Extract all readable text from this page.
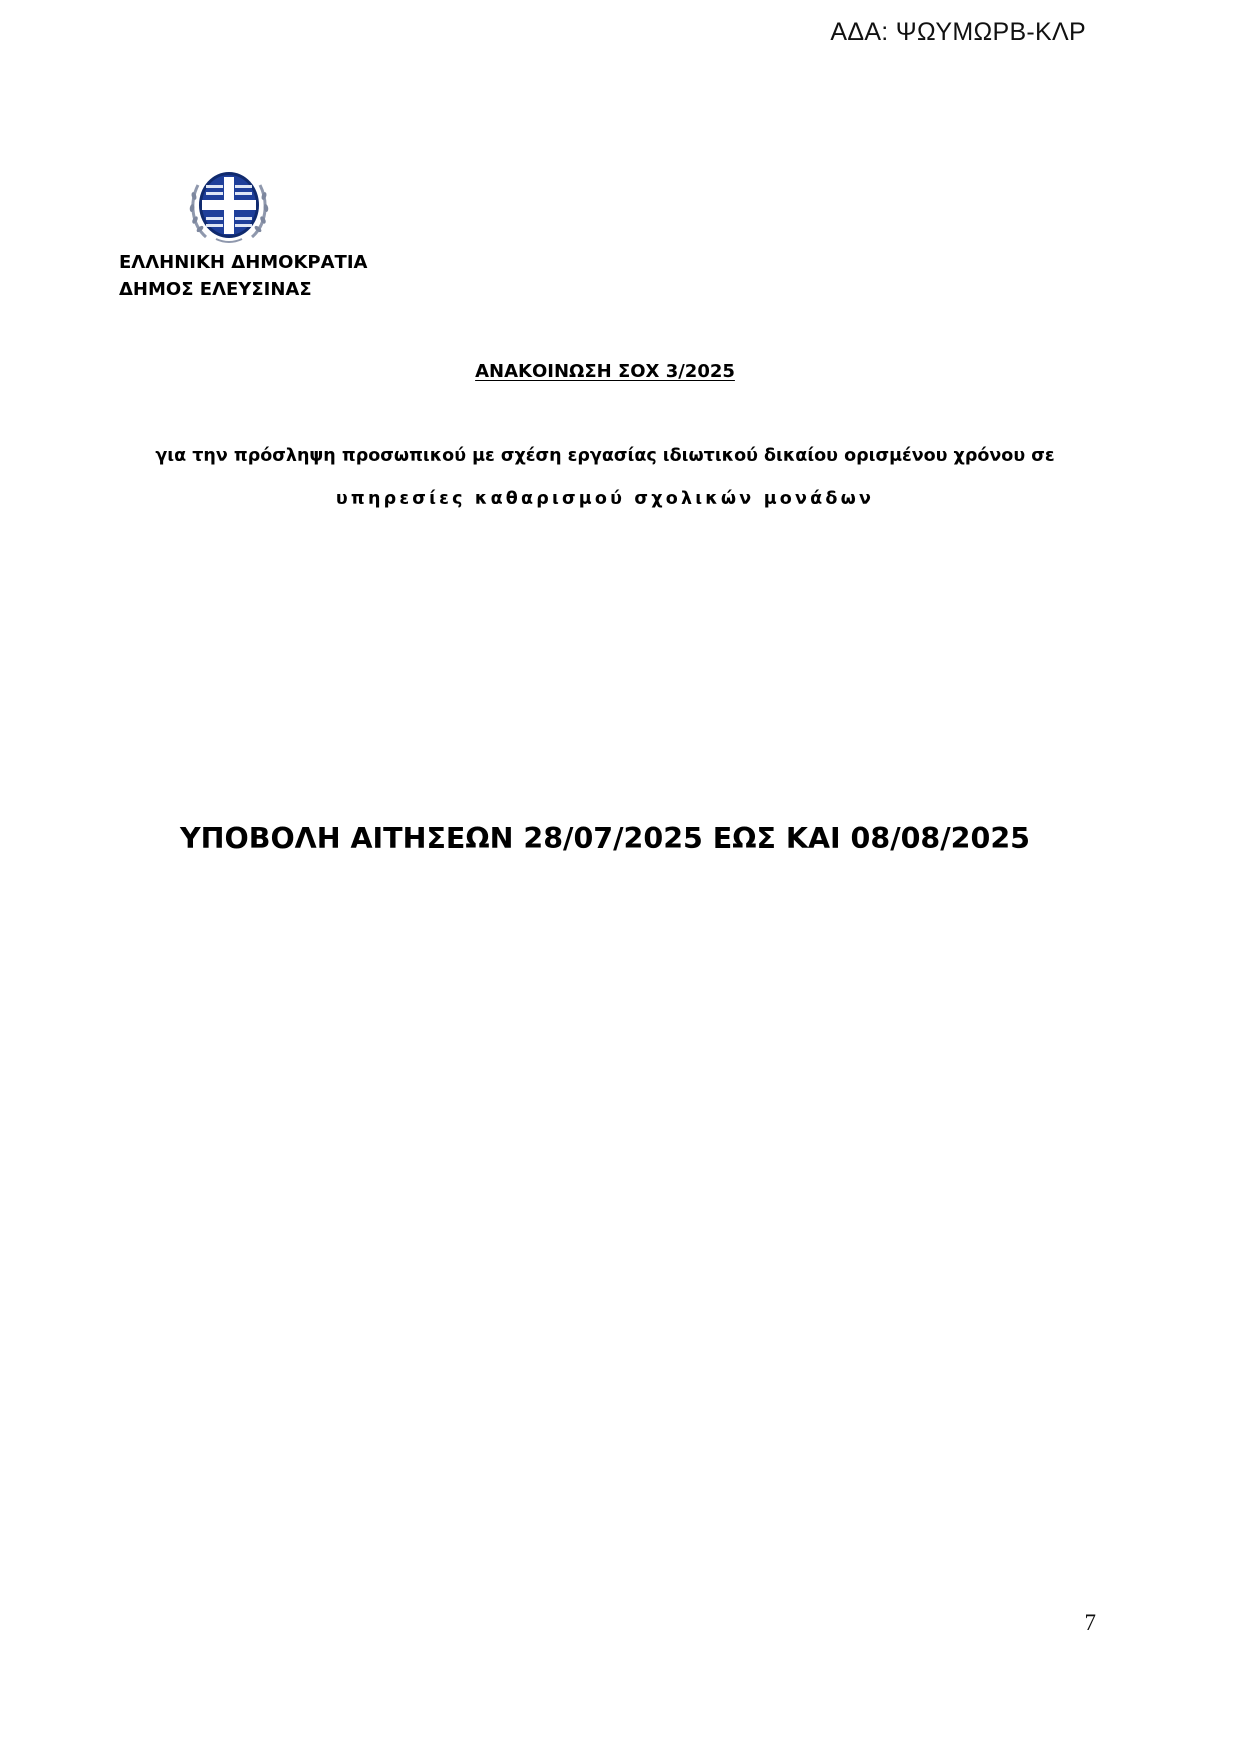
ΑΔΑ: ΨΩΥΜΩΡΒ-ΚΛΡ
ΕΛΛΗΝΙΚΗ ΔΗΜΟΚΡΑΤΙΑ
ΔΗΜΟΣ ΕΛΕΥΣΙΝΑΣ
ΑΝΑΚΟΙΝΩΣΗ ΣΟΧ 3/2025
για την πρόσληψη προσωπικού με σχέση εργασίας ιδιωτικού δικαίου ορισμένου χρόνου σε
υπηρεσίες καθαρισμού σχολικών μονάδων
ΥΠΟΒΟΛΗ ΑΙΤΗΣΕΩΝ 28/07/2025 ΕΩΣ ΚΑΙ 08/08/2025
7
